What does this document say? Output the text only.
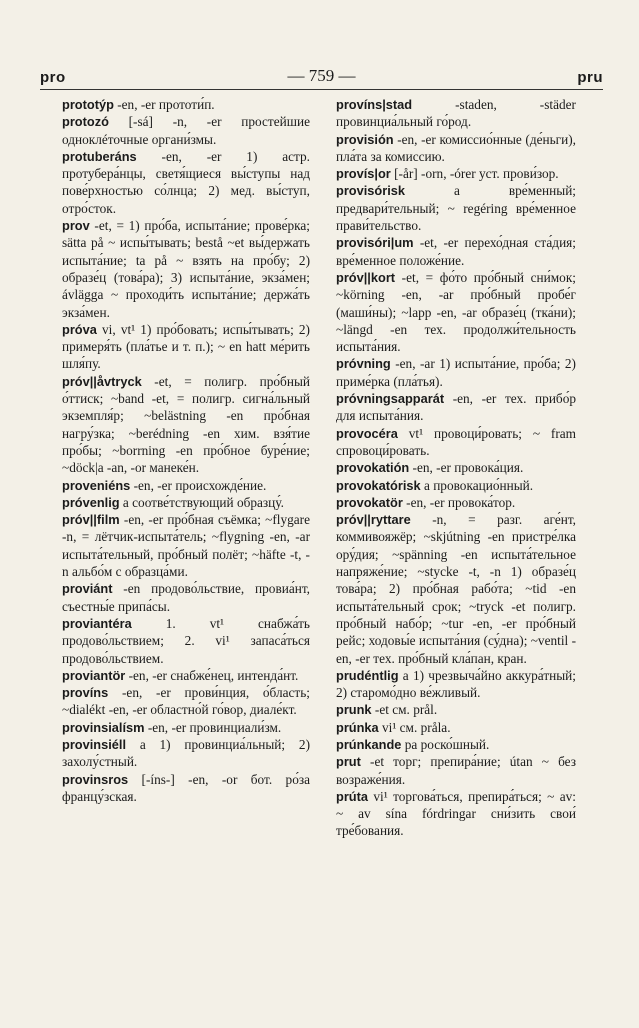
pro	— 759 —	pru

prototýp -en, -er прототи́п.

protozó [-sá] -n, -er простейшие одноклéточные органи́змы.

protuberáns -en, -er 1) астр. протубера́нцы, светя́щиеся вы́ступы над пове́рхностью со́лнца; 2) мед. вы́ступ, отро́сток.

prov -et, = 1) про́ба, испыта́ние; прове́рка; sätta på ~ испы́тывать; bestå ~et вы́держать испыта́ние; ta på ~ взять на про́бу; 2) образе́ц (това́ра); 3) испыта́ние, экза́мен; ávlägga ~ проходи́ть испыта́ние; держа́ть экза́мен.

próva vi, vt¹ 1) про́бовать; испы́тывать; 2) примеря́ть (пла́тье и т. п.); ~ en hatt ме́рить шля́пу.

próv||åvtryck -et, = полигр. про́бный о́ттиск; ~band -et, = полигр. сигна́льный экземпля́р; ~belästning -en про́бная нагру́зка; ~berédning -en хим. взя́тие про́бы; ~borrning -en про́бное буре́ние; ~döck|a -an, -or манеке́н.

proveniéns -en, -er происхожде́ние.

próvenlig a соотве́тствующий образцу́.

próv||film -en, -er про́бная съёмка; ~flygare -n, = лётчик-испыта́тель; ~flygning -en, -ar испыта́тельный, про́бный полёт; ~häfte -t, -n альбо́м с образца́ми.

proviánt -en продово́льствие, провиа́нт, съестны́е припа́сы.

proviantéra 1. vt¹ снабжа́ть продово́льствием; 2. vi¹ запаса́ться продово́льствием.

proviantör -en, -er снабже́нец, интенда́нт.

províns -en, -er прови́нция, о́бласть; ~dialékt -en, -er областно́й го́вор, диале́кт.

provinsialísm -en, -er провинциали́зм.

provinsiéll a 1) провинциа́льный; 2) захолу́стный.

provinsros [-íns-] -en, -or бот. ро́за францу́зская.

províns|stad -staden, -städer провинциа́льный го́род.

provisión -en, -er комиссио́нные (де́ньги), пла́та за комиссию.

provís|or [-år] -orn, -órer уст. прови́зор.

provisórisk a вре́менный; предвари́тельный; ~ regéring вре́менное прави́тельство.

provisóri|um -et, -er перехо́дная ста́дия; вре́менное положе́ние.

próv||kort -et, = фо́то про́бный сни́мок; ~körning -en, -ar про́бный пробе́г (маши́ны); ~lapp -en, -ar образе́ц (тка́ни); ~längd -en тех. продолжи́тельность испыта́ния.

próvning -en, -ar 1) испыта́ние, про́ба; 2) приме́рка (пла́тья).

próvningsapparát -en, -er тех. прибо́р для испыта́ния.

provocéra vt¹ провоци́ровать; ~ fram спровоци́ровать.

provokatión -en, -er провока́ция.

provokatórisk a провокацио́нный.

provokatör -en, -er провока́тор.

próv||ryttare -n, = разг. аге́нт, коммивояжёр; ~skjútning -en пристре́лка ору́дия; ~spänning -en испыта́тельное напряже́ние; ~stycke -t, -n 1) образе́ц това́ра; 2) про́бная рабо́та; ~tid -en испыта́тельный срок; ~tryck -et полигр. про́бный набо́р; ~tur -en, -er про́бный рейс; ходовы́е испыта́ния (су́дна); ~ventil -en, -er тех. про́бный кла́пан, кран.

prudéntlig a 1) чрезвыча́йно аккура́тный; 2) старомо́дно ве́жливый.

prunk -et см. prål.

prúnka vi¹ см. pråla.

prúnkande pa роско́шный.

prut -et торг; препира́ние; útan ~ без возраже́ния.

prúta vi¹ торгова́ться, препира́ться; ~ av: ~ av sína fórdringar сни́зить свои́ тре́бования.
